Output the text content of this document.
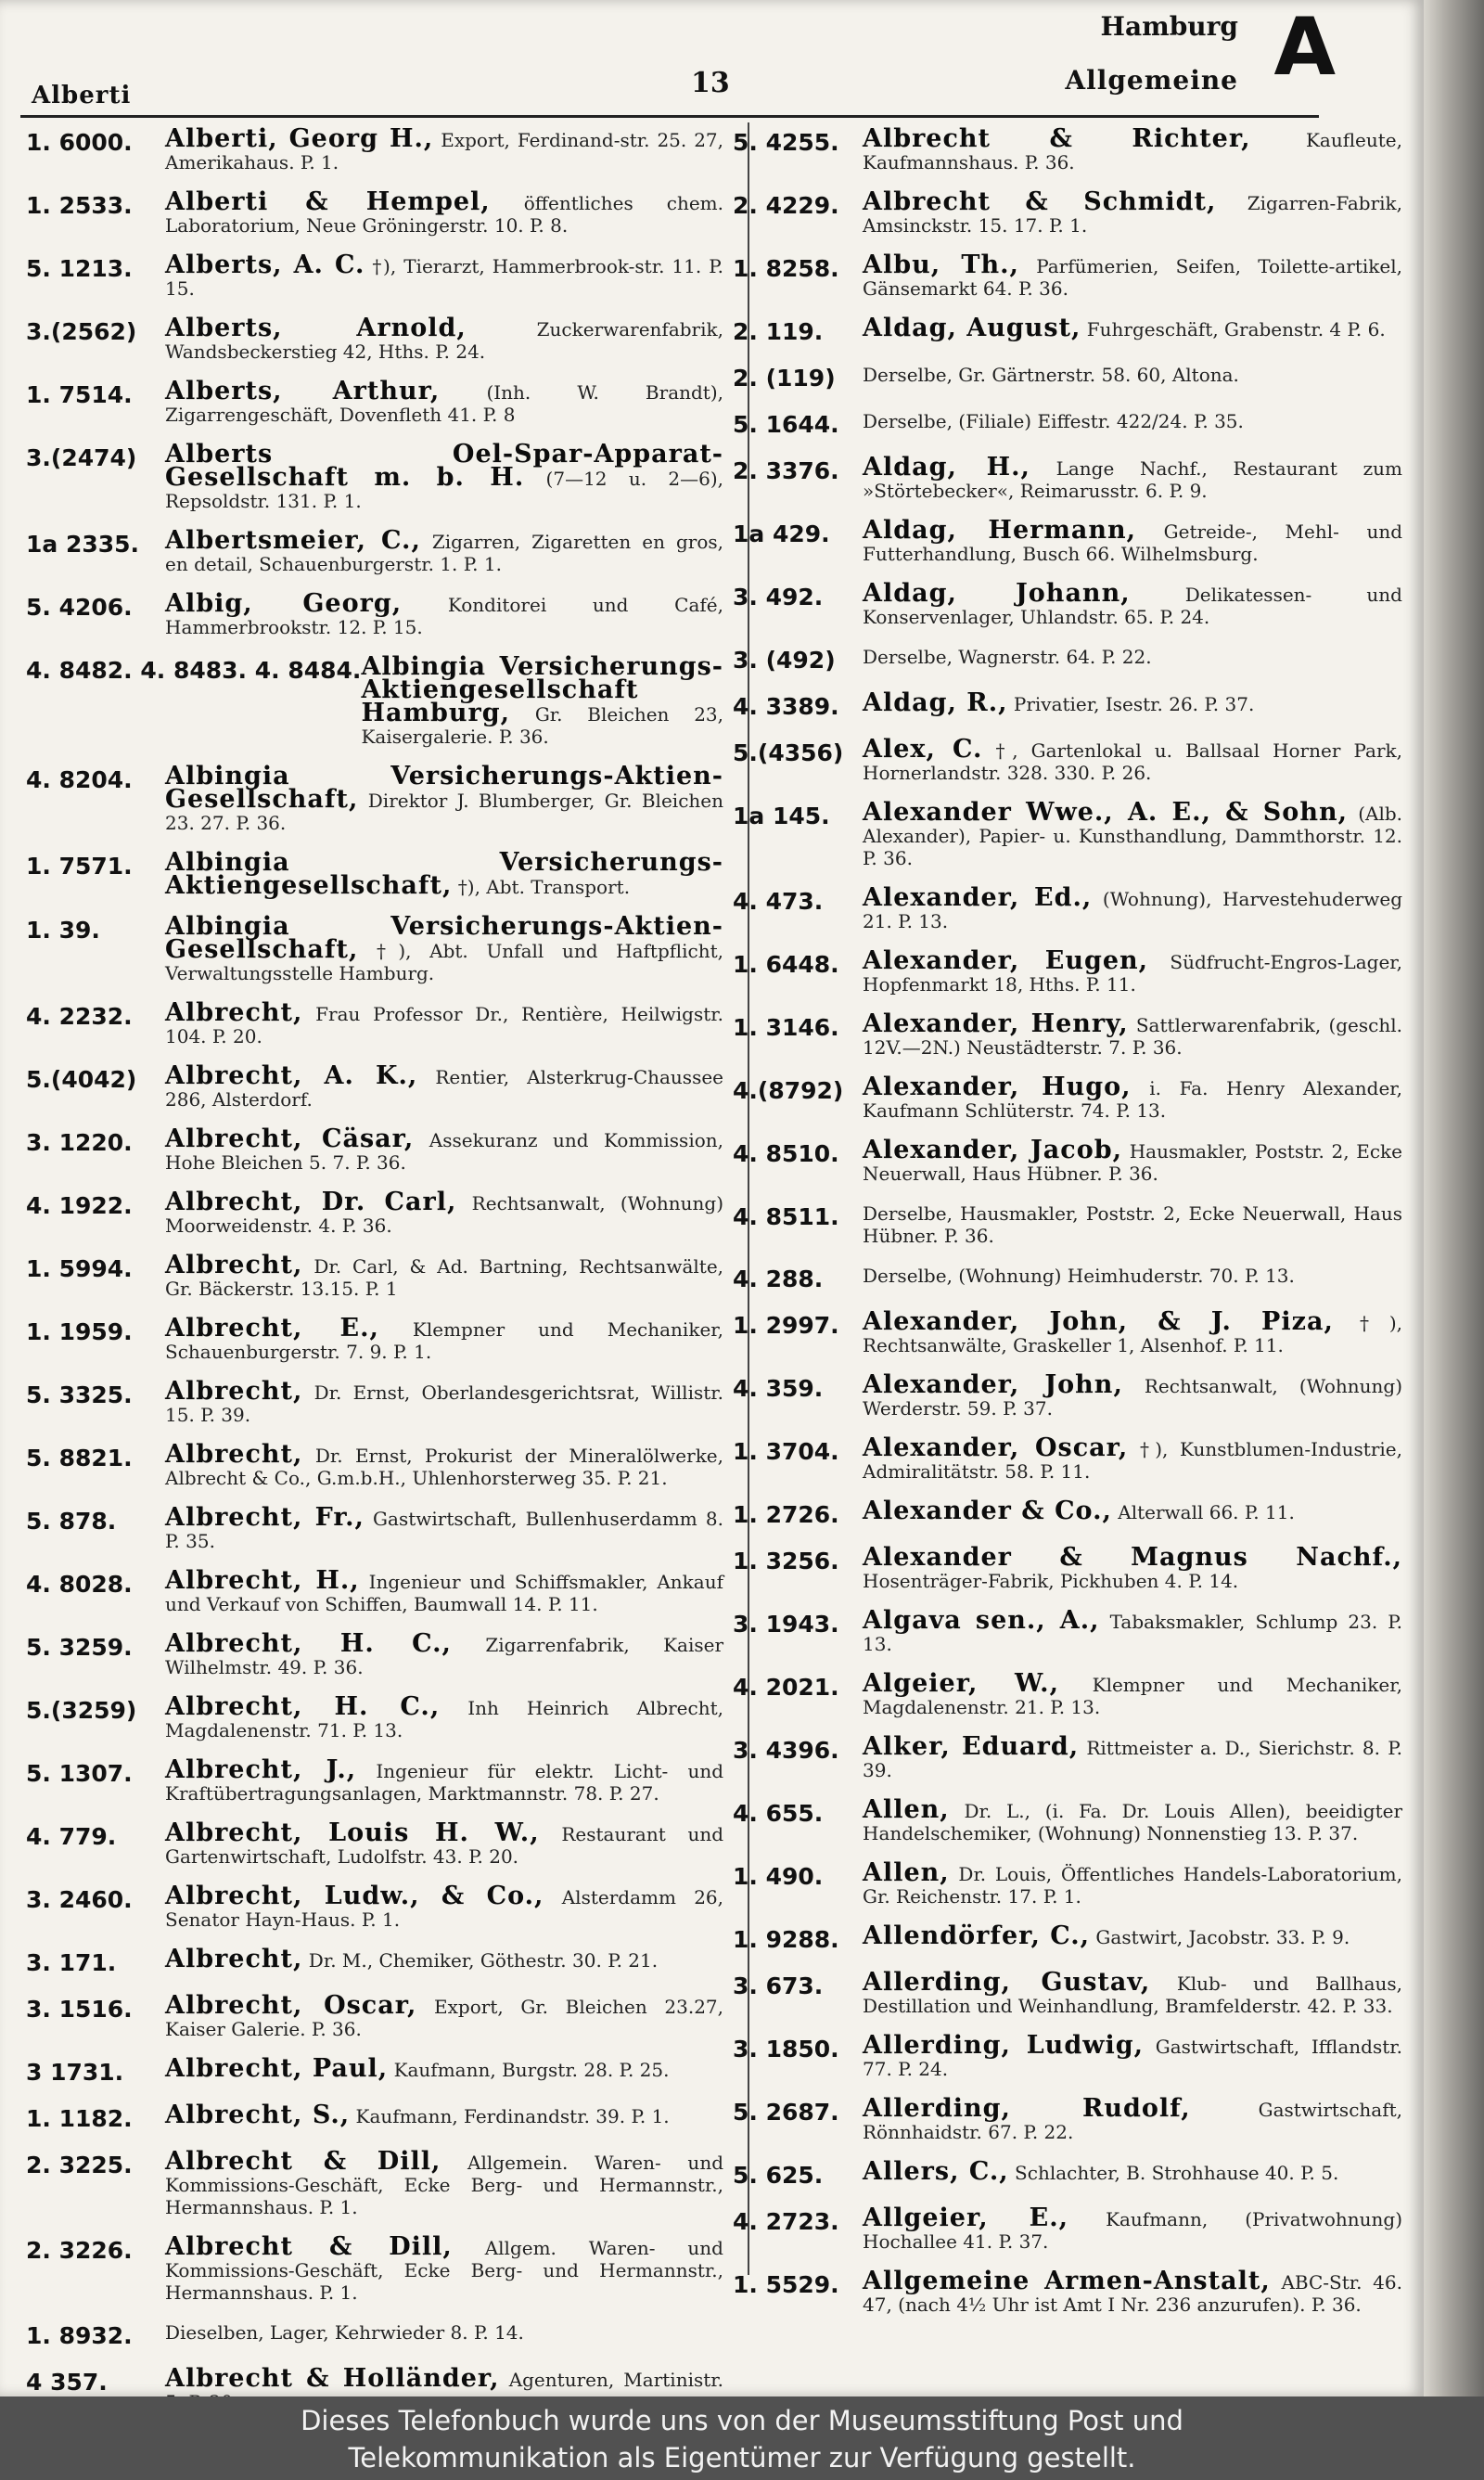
Hamburg
Allgemeine A
Alberti	13
1. 6000.	Alberti, Georg H., Export, Ferdinand-str. 25. 27, Amerikahaus. P. 1.
1. 2533.	Alberti & Hempel, öffentliches chem. Laboratorium, Neue Gröningerstr. 10. P. 8.
5. 1213.	Alberts, A. C. †), Tierarzt, Hammerbrook-str. 11. P. 15.
3.(2562)	Alberts, Arnold,	Zuckerwarenfabrik, Wandsbeckerstieg 42, Hths. P. 24.
1. 7514.	Alberts, Arthur,	(Inh. W. Brandt), Zigarrengeschäft, Dovenfleth 41. P. 8
3.(2474)	Alberts Oel-Spar-Apparat-Gesellschaft m. b. H. (7—12 u. 2—6), Repsoldstr. 131. P. 1.
1a 2335.	Albertsmeier, C., Zigarren, Zigaretten en gros, en detail, Schauenburgerstr. 1. P. 1.
5. 4206.	Albig, Georg, Konditorei und Café, Hammerbrookstr. 12. P. 15.
4. 8482. 4. 8483. 4. 8484. Albingia Versicherungs-Aktiengesellschaft Hamburg, Gr. Bleichen 23, Kaisergalerie. P. 36.
4. 8204.	Albingia Versicherungs-Aktien-Gesellschaft, Direktor J. Blumberger, Gr. Bleichen 23. 27. P. 36.
1. 7571.	Albingia Versicherungs-Aktiengesellschaft, †), Abt. Transport.
1. 39.	Albingia Versicherungs-Aktien-Gesellschaft, †), Abt. Unfall und Haftpflicht, Verwaltungsstelle Hamburg.
4. 2232.	Albrecht, Frau Professor Dr., Rentière, Heilwigstr. 104. P. 20.
5.(4042)	Albrecht, A. K., Rentier, Alsterkrug-Chaussee 286, Alsterdorf.
3. 1220.	Albrecht, Cäsar, Assekuranz und Kommission, Hohe Bleichen 5. 7. P. 36.
4. 1922.	Albrecht, Dr. Carl, Rechtsanwalt, (Wohnung) Moorweidenstr. 4. P. 36.
1. 5994.	Albrecht, Dr. Carl, & Ad. Bartning, Rechtsanwälte, Gr. Bäckerstr. 13.15. P. 1
1. 1959.	Albrecht, E., Klempner und Mechaniker, Schauenburgerstr. 7. 9. P. 1.
5. 3325.	Albrecht, Dr. Ernst, Oberlandesgerichtsrat, Willistr. 15. P. 39.
5. 8821.	Albrecht, Dr. Ernst, Prokurist der Mineralölwerke, Albrecht & Co., G.m.b.H., Uhlenhorsterweg 35. P. 21.
5. 878.	Albrecht, Fr., Gastwirtschaft, Bullenhuserdamm 8. P. 35.
4. 8028.	Albrecht, H., Ingenieur und Schiffsmakler, Ankauf und Verkauf von Schiffen, Baumwall 14. P. 11.
5. 3259.	Albrecht, H. C., Zigarrenfabrik, Kaiser Wilhelmstr. 49. P. 36.
5.(3259)	Albrecht, H. C., Inh Heinrich Albrecht, Magdalenenstr. 71. P. 13.
5. 1307.	Albrecht, J., Ingenieur für elektr. Licht- und Kraftübertragungsanlagen, Marktmannstr. 78. P. 27.
4. 779.	Albrecht, Louis H. W., Restaurant und Gartenwirtschaft, Ludolfstr. 43. P. 20.
3. 2460.	Albrecht, Ludw., & Co., Alsterdamm 26, Senator Hayn-Haus. P. 1.
3. 171.	Albrecht, Dr. M., Chemiker, Göthestr. 30. P. 21.
3. 1516.	Albrecht, Oscar, Export, Gr. Bleichen 23.27, Kaiser Galerie. P. 36.
3 1731.	Albrecht, Paul, Kaufmann, Burgstr. 28. P. 25.
1. 1182.	Albrecht, S., Kaufmann, Ferdinandstr. 39. P. 1.
2. 3225.	Albrecht & Dill, Allgemein. Waren- und Kommissions-Geschäft, Ecke Berg- und Hermannstr., Hermannshaus. P. 1.
2. 3226.	Albrecht & Dill, Allgem. Waren- und Kommissions-Geschäft, Ecke Berg- und Hermannstr., Hermannshaus. P. 1.
1. 8932.	Dieselben, Lager, Kehrwieder 8. P. 14.
4 357.	Albrecht & Holländer, Agenturen, Martinistr.
5. 4255. Albrecht & Richter,	Kaufleute, Kaufmannshaus. P. 36.
2. 4229. Albrecht & Schmidt, Zigarren-Fabrik, Amsinckstr. 15. 17. P. 1.
1. 8258. Albu, Th., Parfümerien, Seifen, Toilette-artikel, Gänsemarkt 64. P. 36.
2. 119.	Aldag, August, Fuhrgeschäft, Grabenstr. 4 P. 6.
2. (119)	Derselbe, Gr. Gärtnerstr. 58. 60, Altona.
5. 1644.	Derselbe, (Filiale) Eiffestr. 422/24. P. 35.
2. 3376. Aldag, H., Lange Nachf., Restaurant zum »Störtebecker«, Reimarusstr. 6. P. 9.
1a 429.	Aldag, Hermann, Getreide-, Mehl- und Futterhandlung, Busch 66. Wilhelmsburg.
3. 492.	Aldag, Johann,	Delikatessen- und Konservenlager, Uhlandstr. 65. P. 24.
3. (492)	Derselbe, Wagnerstr. 64. P. 22.
4. 3389. Aldag, R., Privatier, Isestr. 26. P. 37.
5.(4356) Alex, C. †, Gartenlokal u. Ballsaal Horner Park, Hornerlandstr. 328. 330. P. 26.
1a 145.	Alexander Wwe., A. E., & Sohn, (Alb. Alexander), Papier- u. Kunsthandlung, Dammthorstr. 12. P. 36.
4. 473.	Alexander, Ed., (Wohnung), Harvestehuderweg 21. P. 13.
1. 6448. Alexander, Eugen, Südfrucht-Engros-Lager, Hopfenmarkt 18, Hths. P. 11.
1. 3146. Alexander, Henry, Sattlerwarenfabrik, (geschl. 12V.—2N.) Neustädterstr. 7. P. 36.
4.(8792) Alexander, Hugo, i. Fa. Henry Alexander, Kaufmann Schlüterstr. 74. P. 13.
4. 8510. Alexander, Jacob, Hausmakler, Poststr. 2, Ecke Neuerwall, Haus Hübner. P. 36.
4. 8511.	Derselbe, Hausmakler, Poststr. 2, Ecke Neuerwall, Haus Hübner. P. 36.
4. 288.	Derselbe, (Wohnung) Heimhuderstr. 70. P. 13.
1. 2997. Alexander, John, & J. Piza, †), Rechtsanwälte, Graskeller 1, Alsenhof. P. 11.
4. 359.	Alexander, John, Rechtsanwalt, (Wohnung) Werderstr. 59. P. 37.
1. 3704. Alexander, Oscar, †), Kunstblumen-Industrie, Admiralitätstr. 58. P. 11.
1. 2726. Alexander & Co., Alterwall 66. P. 11.
1. 3256. Alexander & Magnus Nachf., Hosenträger-Fabrik, Pickhuben 4. P. 14.
3. 1943. Algava sen., A., Tabaksmakler, Schlump 23. P. 13.
4. 2021. Algeier, W., Klempner und Mechaniker, Magdalenenstr. 21. P. 13.
3. 4396. Alker, Eduard, Rittmeister a. D., Sierichstr. 8. P. 39.
4. 655.	Allen, Dr. L., (i. Fa. Dr. Louis Allen), beeidigter Handelschemiker, (Wohnung) Nonnenstieg 13. P. 37.
1. 490.	Allen, Dr. Louis, Öffentliches Handels-Laboratorium, Gr. Reichenstr. 17. P. 1.
1. 9288. Allendörfer, C., Gastwirt, Jacobstr. 33. P. 9.
3. 673.	Allerding, Gustav, Klub- und Ballhaus, Destillation und Weinhandlung, Bramfelderstr. 42. P. 33.
3. 1850. Allerding, Ludwig, Gastwirtschaft, Ifflandstr. 77. P. 24.
5. 2687. Allerding, Rudolf,	Gastwirtschaft, Rönnhaidstr. 67. P. 22.
5. 625.	Allers, C., Schlachter, B. Strohhause 40. P. 5.
4. 2723. Allgeier, E., Kaufmann, (Privatwohnung) Hochallee 41. P. 37.
1. 5529. Allgemeine Armen-Anstalt, ABC-Str. 46. 47, (nach 4½ Uhr ist Amt I Nr. 236 anzurufen). P. 36.
Dieses Telefonbuch wurde uns von der Museumsstiftung Post und
Telekommunikation als Eigentümer zur Verfügung gestellt.
